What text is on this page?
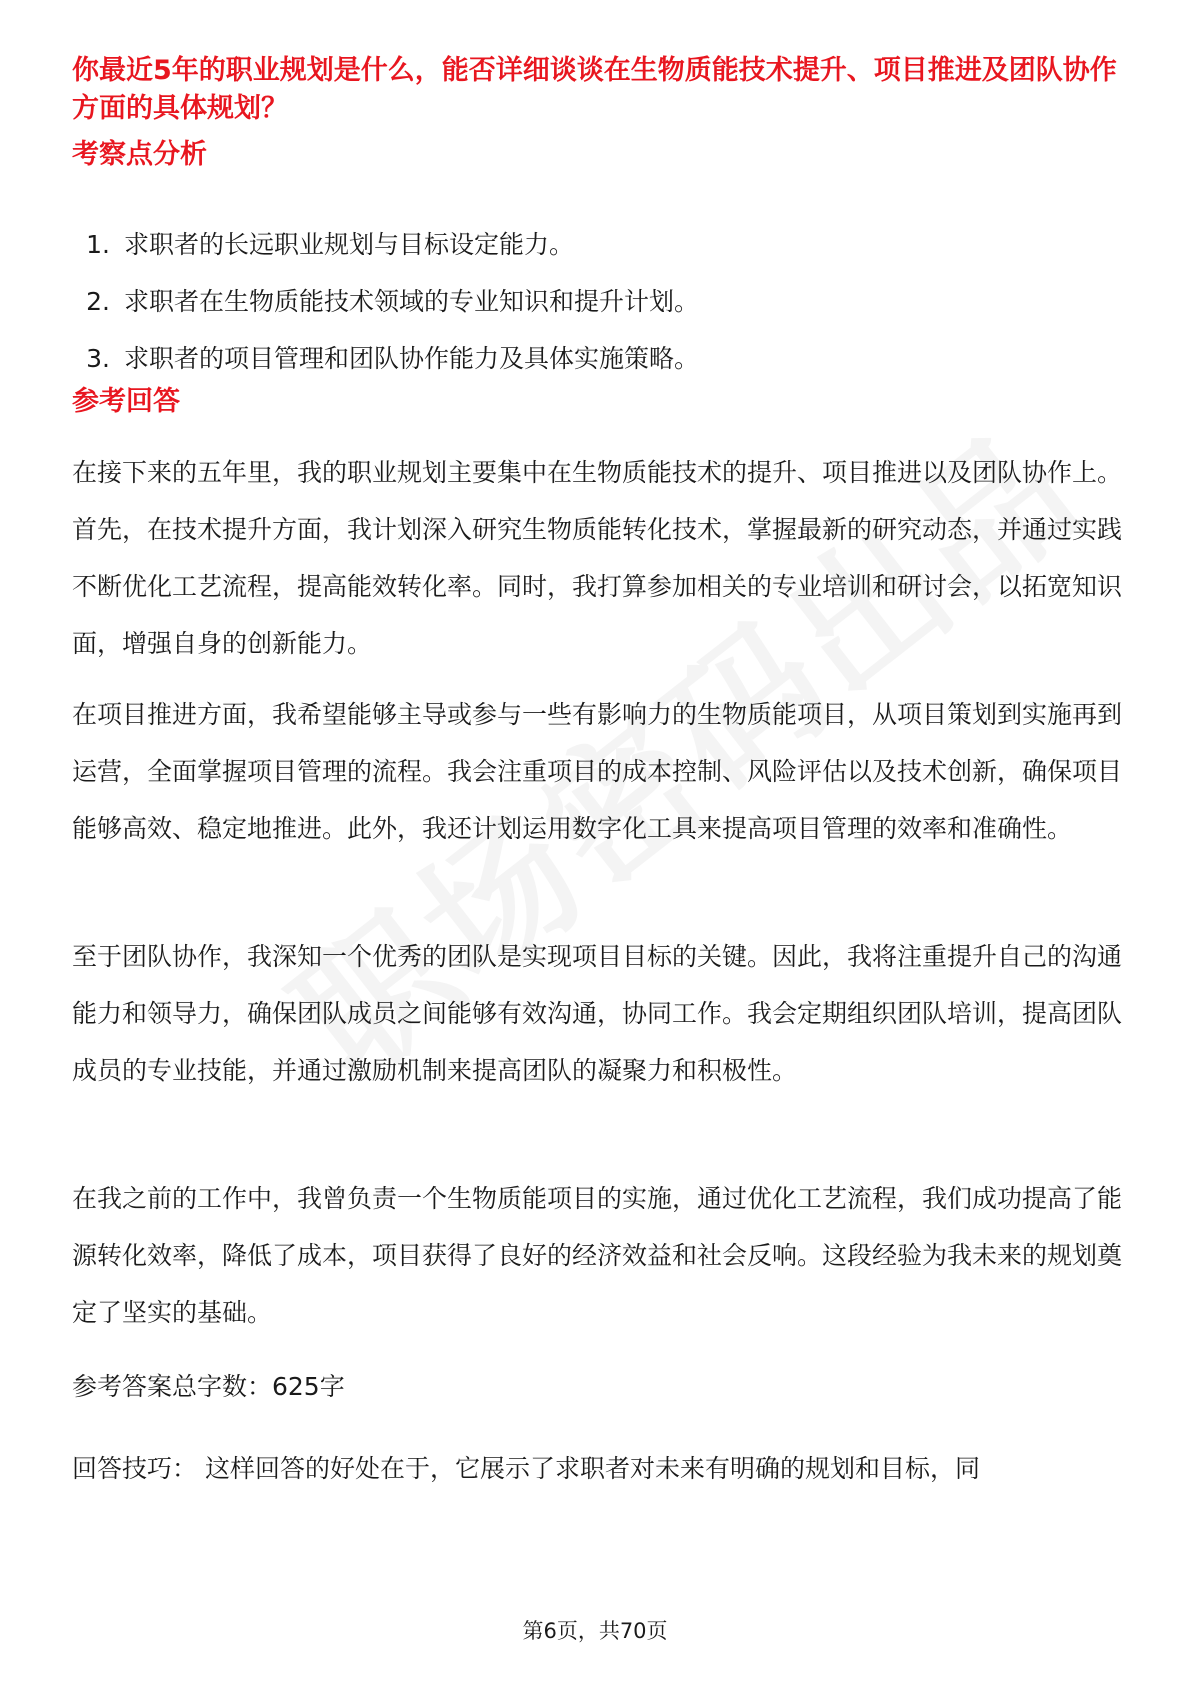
你最近5年的职业规划是什么，能否详细谈谈在生物质能技术提升、项目推进及团队协作方面的具体规划？
考察点分析
1. 求职者的长远职业规划与目标设定能力。
2. 求职者在生物质能技术领域的专业知识和提升计划。
3. 求职者的项目管理和团队协作能力及具体实施策略。
参考回答

在接下来的五年里，我的职业规划主要集中在生物质能技术的提升、项目推进以及团队协作上。首先，在技术提升方面，我计划深入研究生物质能转化技术，掌握最新的研究动态，并通过实践不断优化工艺流程，提高能效转化率。同时，我打算参加相关的专业培训和研讨会，以拓宽知识面，增强自身的创新能力。

在项目推进方面，我希望能够主导或参与一些有影响力的生物质能项目，从项目策划到实施再到运营，全面掌握项目管理的流程。我会注重项目的成本控制、风险评估以及技术创新，确保项目能够高效、稳定地推进。此外，我还计划运用数字化工具来提高项目管理的效率和准确性。

至于团队协作，我深知一个优秀的团队是实现项目目标的关键。因此，我将注重提升自己的沟通能力和领导力，确保团队成员之间能够有效沟通，协同工作。我会定期组织团队培训，提高团队成员的专业技能，并通过激励机制来提高团队的凝聚力和积极性。

在我之前的工作中，我曾负责一个生物质能项目的实施，通过优化工艺流程，我们成功提高了能源转化效率，降低了成本，项目获得了良好的经济效益和社会反响。这段经验为我未来的规划奠定了坚实的基础。

参考答案总字数：625字

回答技巧： 这样回答的好处在于，它展示了求职者对未来有明确的规划和目标，同

第6页，共70页
